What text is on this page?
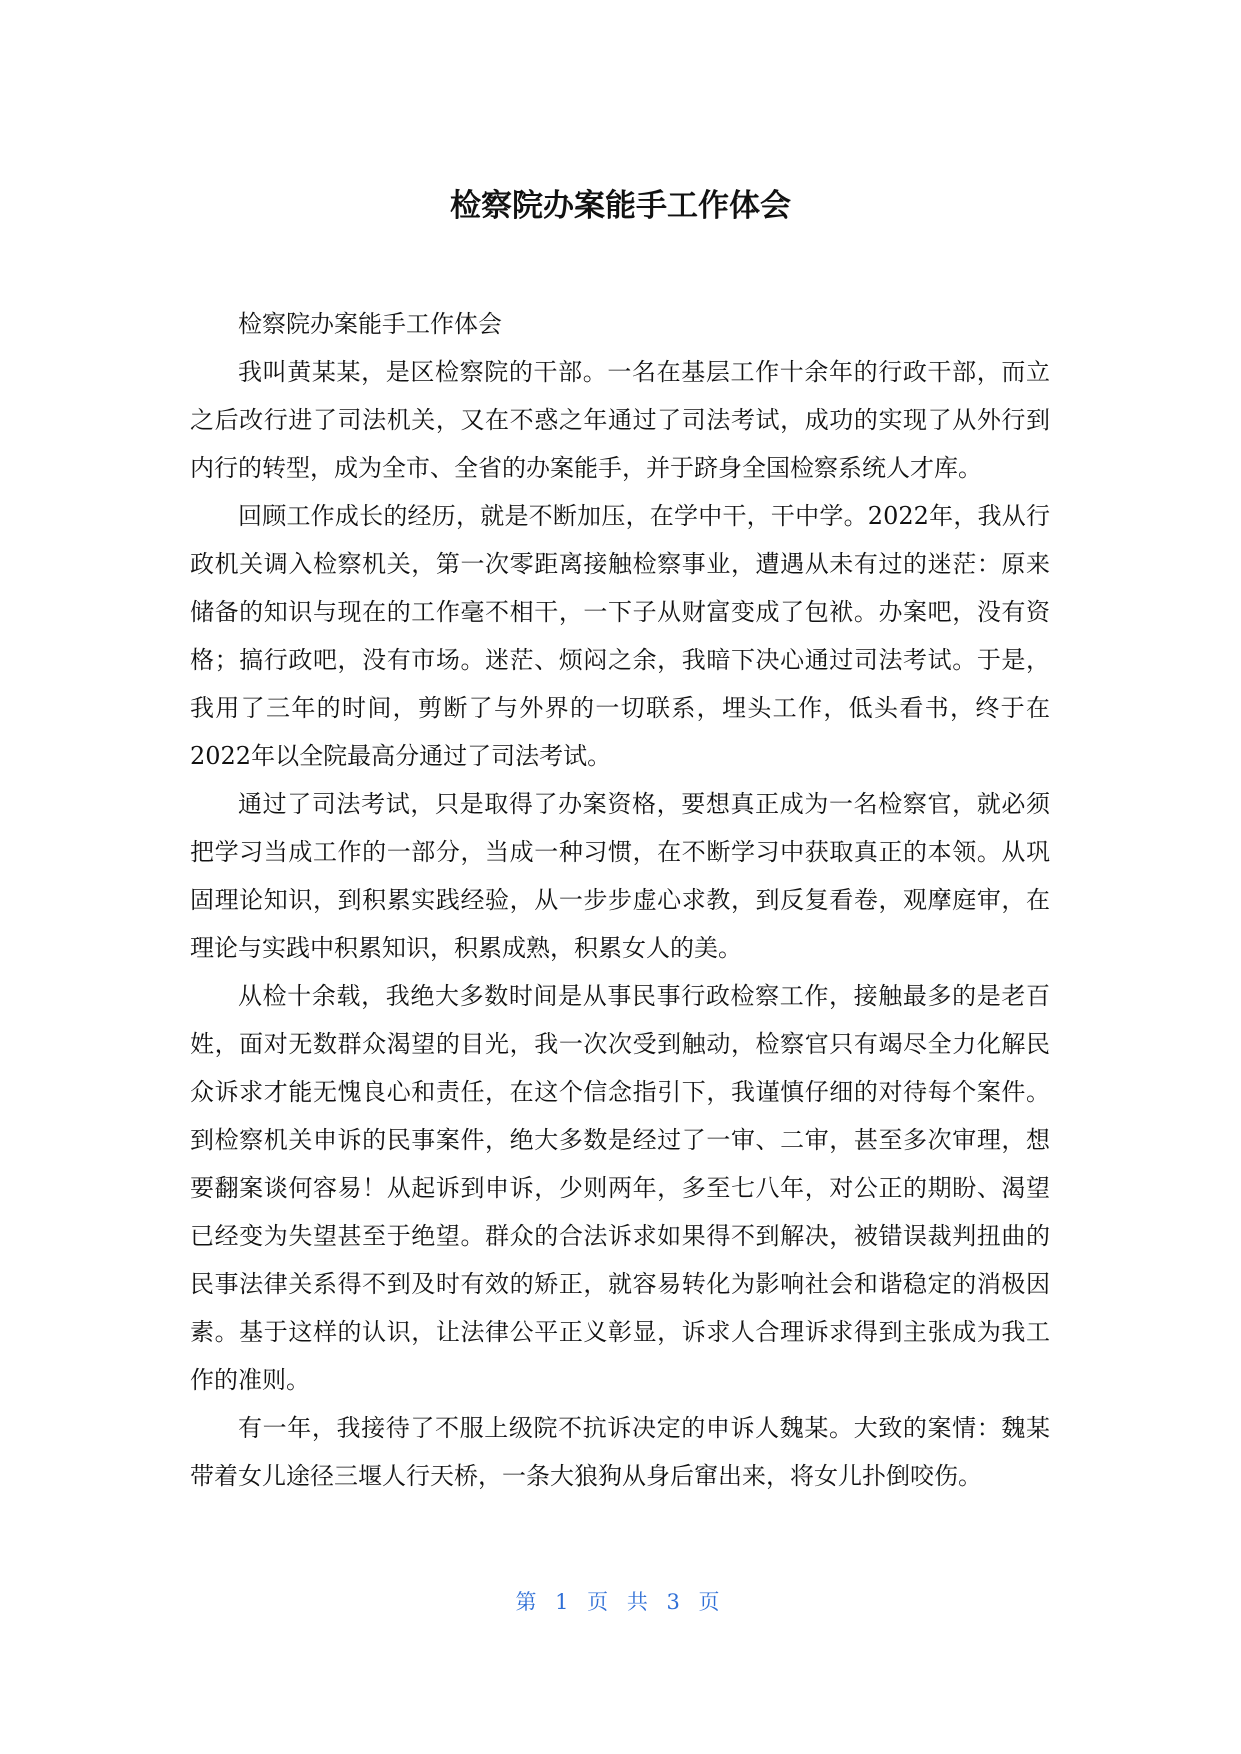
检察院办案能手工作体会

检察院办案能手工作体会

我叫黄某某，是区检察院的干部。一名在基层工作十余年的行政干部，而立之后改行进了司法机关，又在不惑之年通过了司法考试，成功的实现了从外行到内行的转型，成为全市、全省的办案能手，并于跻身全国检察系统人才库。

回顾工作成长的经历，就是不断加压，在学中干，干中学。2022年，我从行政机关调入检察机关，第一次零距离接触检察事业，遭遇从未有过的迷茫：原来储备的知识与现在的工作毫不相干，一下子从财富变成了包袱。办案吧，没有资格；搞行政吧，没有市场。迷茫、烦闷之余，我暗下决心通过司法考试。于是，我用了三年的时间，剪断了与外界的一切联系，埋头工作，低头看书，终于在2022年以全院最高分通过了司法考试。

通过了司法考试，只是取得了办案资格，要想真正成为一名检察官，就必须把学习当成工作的一部分，当成一种习惯，在不断学习中获取真正的本领。从巩固理论知识，到积累实践经验，从一步步虚心求教，到反复看卷，观摩庭审，在理论与实践中积累知识，积累成熟，积累女人的美。

从检十余载，我绝大多数时间是从事民事行政检察工作，接触最多的是老百姓，面对无数群众渴望的目光，我一次次受到触动，检察官只有竭尽全力化解民众诉求才能无愧良心和责任，在这个信念指引下，我谨慎仔细的对待每个案件。到检察机关申诉的民事案件，绝大多数是经过了一审、二审，甚至多次审理，想要翻案谈何容易！从起诉到申诉，少则两年，多至七八年，对公正的期盼、渴望已经变为失望甚至于绝望。群众的合法诉求如果得不到解决，被错误裁判扭曲的民事法律关系得不到及时有效的矫正，就容易转化为影响社会和谐稳定的消极因素。基于这样的认识，让法律公平正义彰显，诉求人合理诉求得到主张成为我工作的准则。

有一年，我接待了不服上级院不抗诉决定的申诉人魏某。大致的案情：魏某带着女儿途径三堰人行天桥，一条大狼狗从身后窜出来，将女儿扑倒咬伤。

第 1 页 共 3 页
